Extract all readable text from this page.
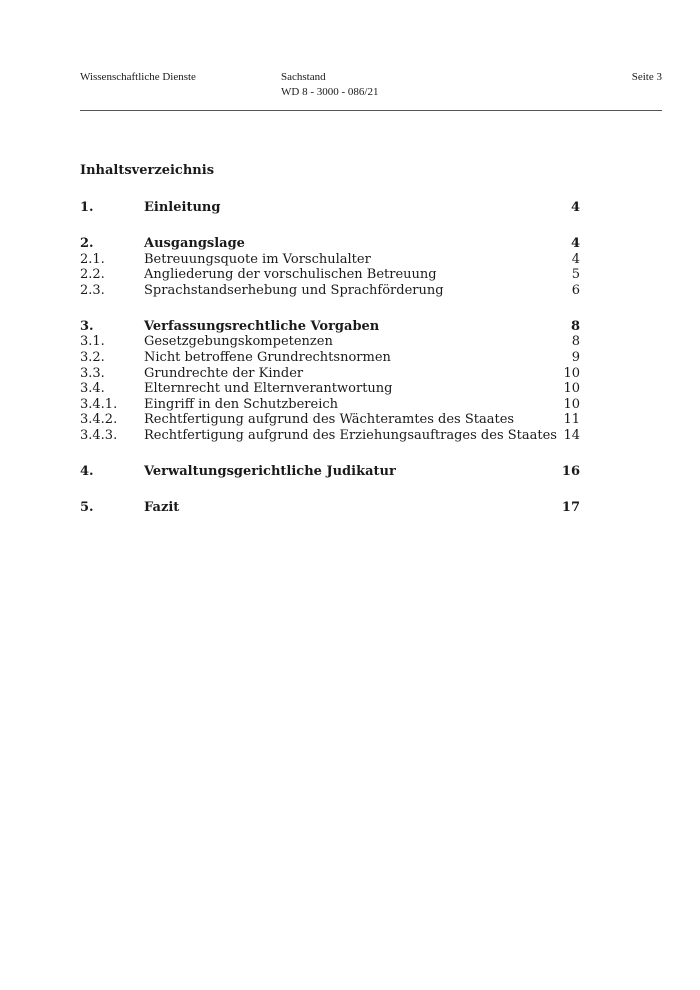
Wissenschaftliche Dienste	Sachstand
WD 8 - 3000 - 086/21
Seite 3
Inhaltsverzeichnis
1.	Einleitung	4
2.	Ausgangslage	4
2.1.	Betreuungsquote im Vorschulalter	4
2.2.	Angliederung der vorschulischen Betreuung	5
2.3.	Sprachstandserhebung und Sprachförderung	6
3.	Verfassungsrechtliche Vorgaben	8
3.1.	Gesetzgebungskompetenzen	8
3.2.	Nicht betroffene Grundrechtsnormen	9
3.3.	Grundrechte der Kinder	10
3.4.	Elternrecht und Elternverantwortung	10
3.4.1. Eingriff in den Schutzbereich	10
3.4.2. Rechtfertigung aufgrund des Wächteramtes des Staates	11
3.4.3. Rechtfertigung aufgrund des Erziehungsauftrages des Staates 14
4.	Verwaltungsgerichtliche Judikatur	16
5.	Fazit	17
